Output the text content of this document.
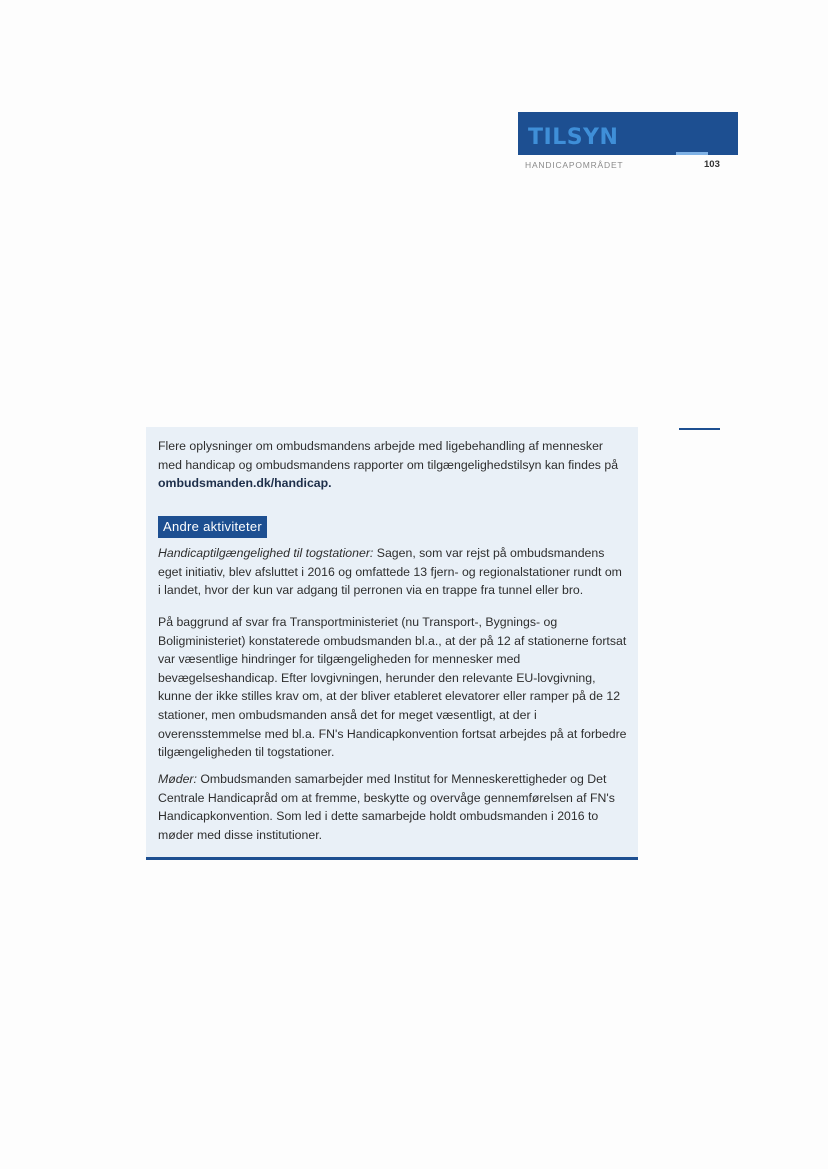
TILSYN
HANDICAPOMRÅDET	103

Flere oplysninger om ombudsmandens arbejde med ligebehandling af mennesker med handicap og ombudsmandens rapporter om tilgængelighedstilsyn kan findes på ombudsmanden.dk/handicap.

Andre aktiviteter

Handicaptilgængelighed til togstationer: Sagen, som var rejst på ombudsmandens eget initiativ, blev afsluttet i 2016 og omfattede 13 fjern- og regionalstationer rundt om i landet, hvor der kun var adgang til perronen via en trappe fra tunnel eller bro.

På baggrund af svar fra Transportministeriet (nu Transport-, Bygnings- og Boligministeriet) konstaterede ombudsmanden bl.a., at der på 12 af stationerne fortsat var væsentlige hindringer for tilgængeligheden for mennesker med bevægelseshandicap. Efter lovgivningen, herunder den relevante EU-lovgivning, kunne der ikke stilles krav om, at der bliver etableret elevatorer eller ramper på de 12 stationer, men ombudsmanden anså det for meget væsentligt, at der i overensstemmelse med bl.a. FN's Handicapkonvention fortsat arbejdes på at forbedre tilgængeligheden til togstationer.

Møder: Ombudsmanden samarbejder med Institut for Menneskerettigheder og Det Centrale Handicapråd om at fremme, beskytte og overvåge gennemførelsen af FN's Handicapkonvention. Som led i dette samarbejde holdt ombudsmanden i 2016 to møder med disse institutioner.
